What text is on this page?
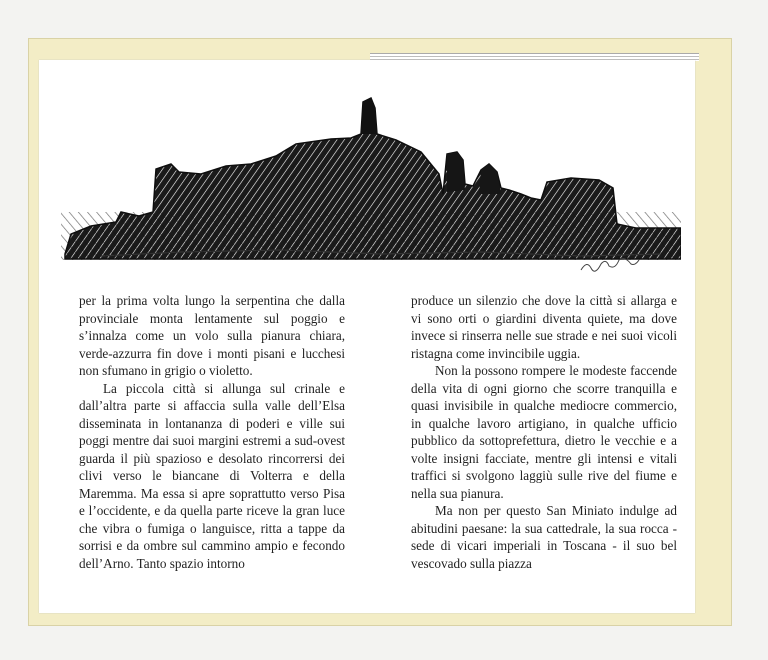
per la prima volta lungo la serpentina che dalla provinciale monta lentamente sul poggio e s’innalza come un volo sulla pianura chiara, verde-azzurra fin dove i monti pisani e lucchesi non sfumano in grigio o violetto.

La piccola città si allunga sul crinale e dall’altra parte si affaccia sulla valle dell’Elsa disseminata in lontananza di poderi e ville sui poggi mentre dai suoi margini estremi a sud-ovest guarda il più spazioso e desolato rincorrersi dei clivi verso le biancane di Volterra e della Maremma. Ma essa si apre soprattutto verso Pisa e l’occidente, e da quella parte riceve la gran luce che vibra o fumiga o languisce, ritta a tappe da sorrisi e da ombre sul cammino ampio e fecondo dell’Arno. Tanto spazio intorno

produce un silenzio che dove la città si allarga e vi sono orti o giardini diventa quiete, ma dove invece si rinserra nelle sue strade e nei suoi vicoli ristagna come invincibile uggia.

Non la possono rompere le modeste faccende della vita di ogni giorno che scorre tranquilla e quasi invisibile in qualche mediocre commercio, in qualche lavoro artigiano, in qualche ufficio pubblico da sottoprefettura, dietro le vecchie e a volte insigni facciate, mentre gli intensi e vitali traffici si svolgono laggiù sulle rive del fiume e nella sua pianura.

Ma non per questo San Miniato indulge ad abitudini paesane: la sua cattedrale, la sua rocca - sede di vicari imperiali in Toscana - il suo bel vescovado sulla piazza
